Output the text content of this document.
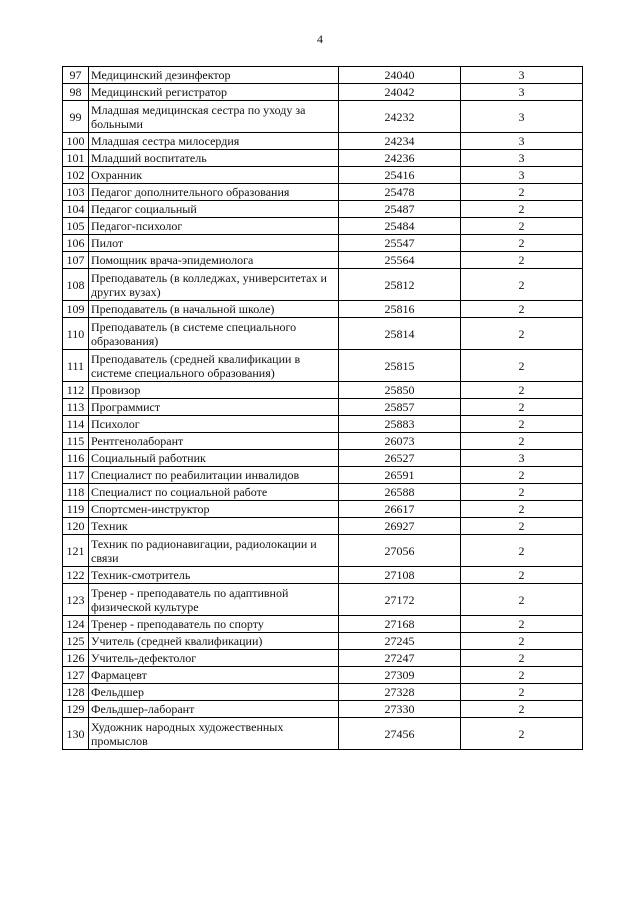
4
97	Медицинский дезинфектор	24040	3
98	Медицинский регистратор	24042	3
99	Младшая медицинская сестра по уходу за больными	24232	3
100	Младшая сестра милосердия	24234	3
101	Младший воспитатель	24236	3
102	Охранник	25416	3
103	Педагог дополнительного образования	25478	2
104	Педагог социальный	25487	2
105	Педагог-психолог	25484	2
106	Пилот	25547	2
107	Помощник врача-эпидемиолога	25564	2
108	Преподаватель (в колледжах, университетах и других вузах)	25812	2
109	Преподаватель (в начальной школе)	25816	2
110	Преподаватель (в системе специального образования)	25814	2
111	Преподаватель (средней квалификации в системе специального образования)	25815	2
112	Провизор	25850	2
113	Программист	25857	2
114	Психолог	25883	2
115	Рентгенолаборант	26073	2
116	Социальный работник	26527	3
117	Специалист по реабилитации инвалидов	26591	2
118	Специалист по социальной работе	26588	2
119	Спортсмен-инструктор	26617	2
120	Техник	26927	2
121	Техник по радионавигации, радиолокации и связи	27056	2
122	Техник-смотритель	27108	2
123	Тренер - преподаватель по адаптивной физической культуре	27172	2
124	Тренер - преподаватель по спорту	27168	2
125	Учитель (средней квалификации)	27245	2
126	Учитель-дефектолог	27247	2
127	Фармацевт	27309	2
128	Фельдшер	27328	2
129	Фельдшер-лаборант	27330	2
130	Художник народных художественных промыслов	27456	2
